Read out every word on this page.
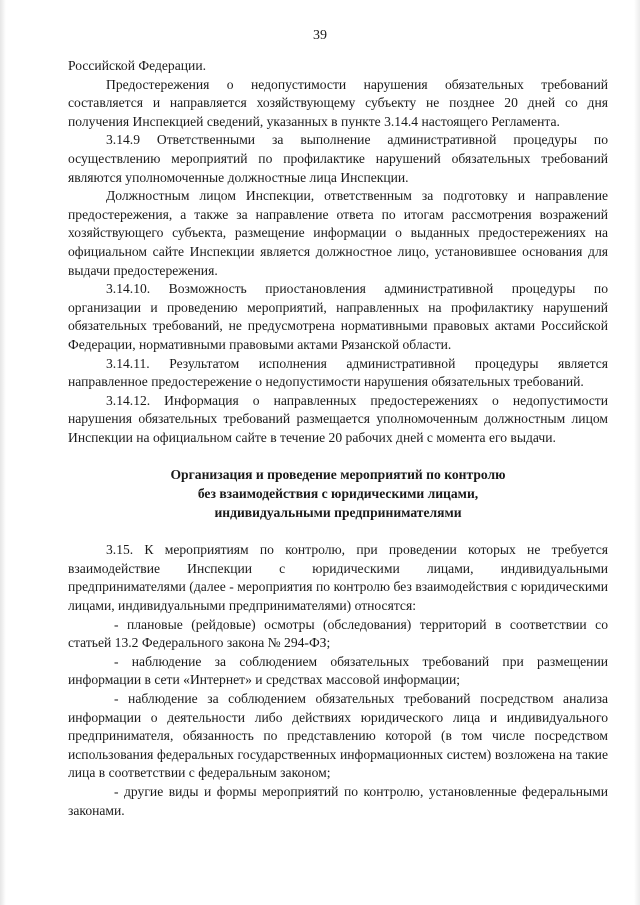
39

Российской Федерации.

Предостережения о недопустимости нарушения обязательных требований составляется и направляется хозяйствующему субъекту не позднее 20 дней со дня получения Инспекцией сведений, указанных в пункте 3.14.4 настоящего Регламента.

3.14.9 Ответственными за выполнение административной процедуры по осуществлению мероприятий по профилактике нарушений обязательных требований являются уполномоченные должностные лица Инспекции.

Должностным лицом Инспекции, ответственным за подготовку и направление предостережения, а также за направление ответа по итогам рассмотрения возражений хозяйствующего субъекта, размещение информации о выданных предостережениях на официальном сайте Инспекции является должностное лицо, установившее основания для выдачи предостережения.

3.14.10. Возможность приостановления административной процедуры по организации и проведению мероприятий, направленных на профилактику нарушений обязательных требований, не предусмотрена нормативными правовых актами Российской Федерации, нормативными правовыми актами Рязанской области.

3.14.11. Результатом исполнения административной процедуры является направленное предостережение о недопустимости нарушения обязательных требований.

3.14.12. Информация о направленных предостережениях о недопустимости нарушения обязательных требований размещается уполномоченным должностным лицом Инспекции на официальном сайте в течение 20 рабочих дней с момента его выдачи.

Организация и проведение мероприятий по контролю
без взаимодействия с юридическими лицами,
индивидуальными предпринимателями

3.15. К мероприятиям по контролю, при проведении которых не требуется взаимодействие Инспекции с юридическими лицами, индивидуальными предпринимателями (далее - мероприятия по контролю без взаимодействия с юридическими лицами, индивидуальными предпринимателями) относятся:

- плановые (рейдовые) осмотры (обследования) территорий в соответствии со статьей 13.2 Федерального закона № 294-ФЗ;

- наблюдение за соблюдением обязательных требований при размещении информации в сети «Интернет» и средствах массовой информации;

- наблюдение за соблюдением обязательных требований посредством анализа информации о деятельности либо действиях юридического лица и индивидуального предпринимателя, обязанность по представлению которой (в том числе посредством использования федеральных государственных информационных систем) возложена на такие лица в соответствии с федеральным законом;

- другие виды и формы мероприятий по контролю, установленные федеральными законами.
